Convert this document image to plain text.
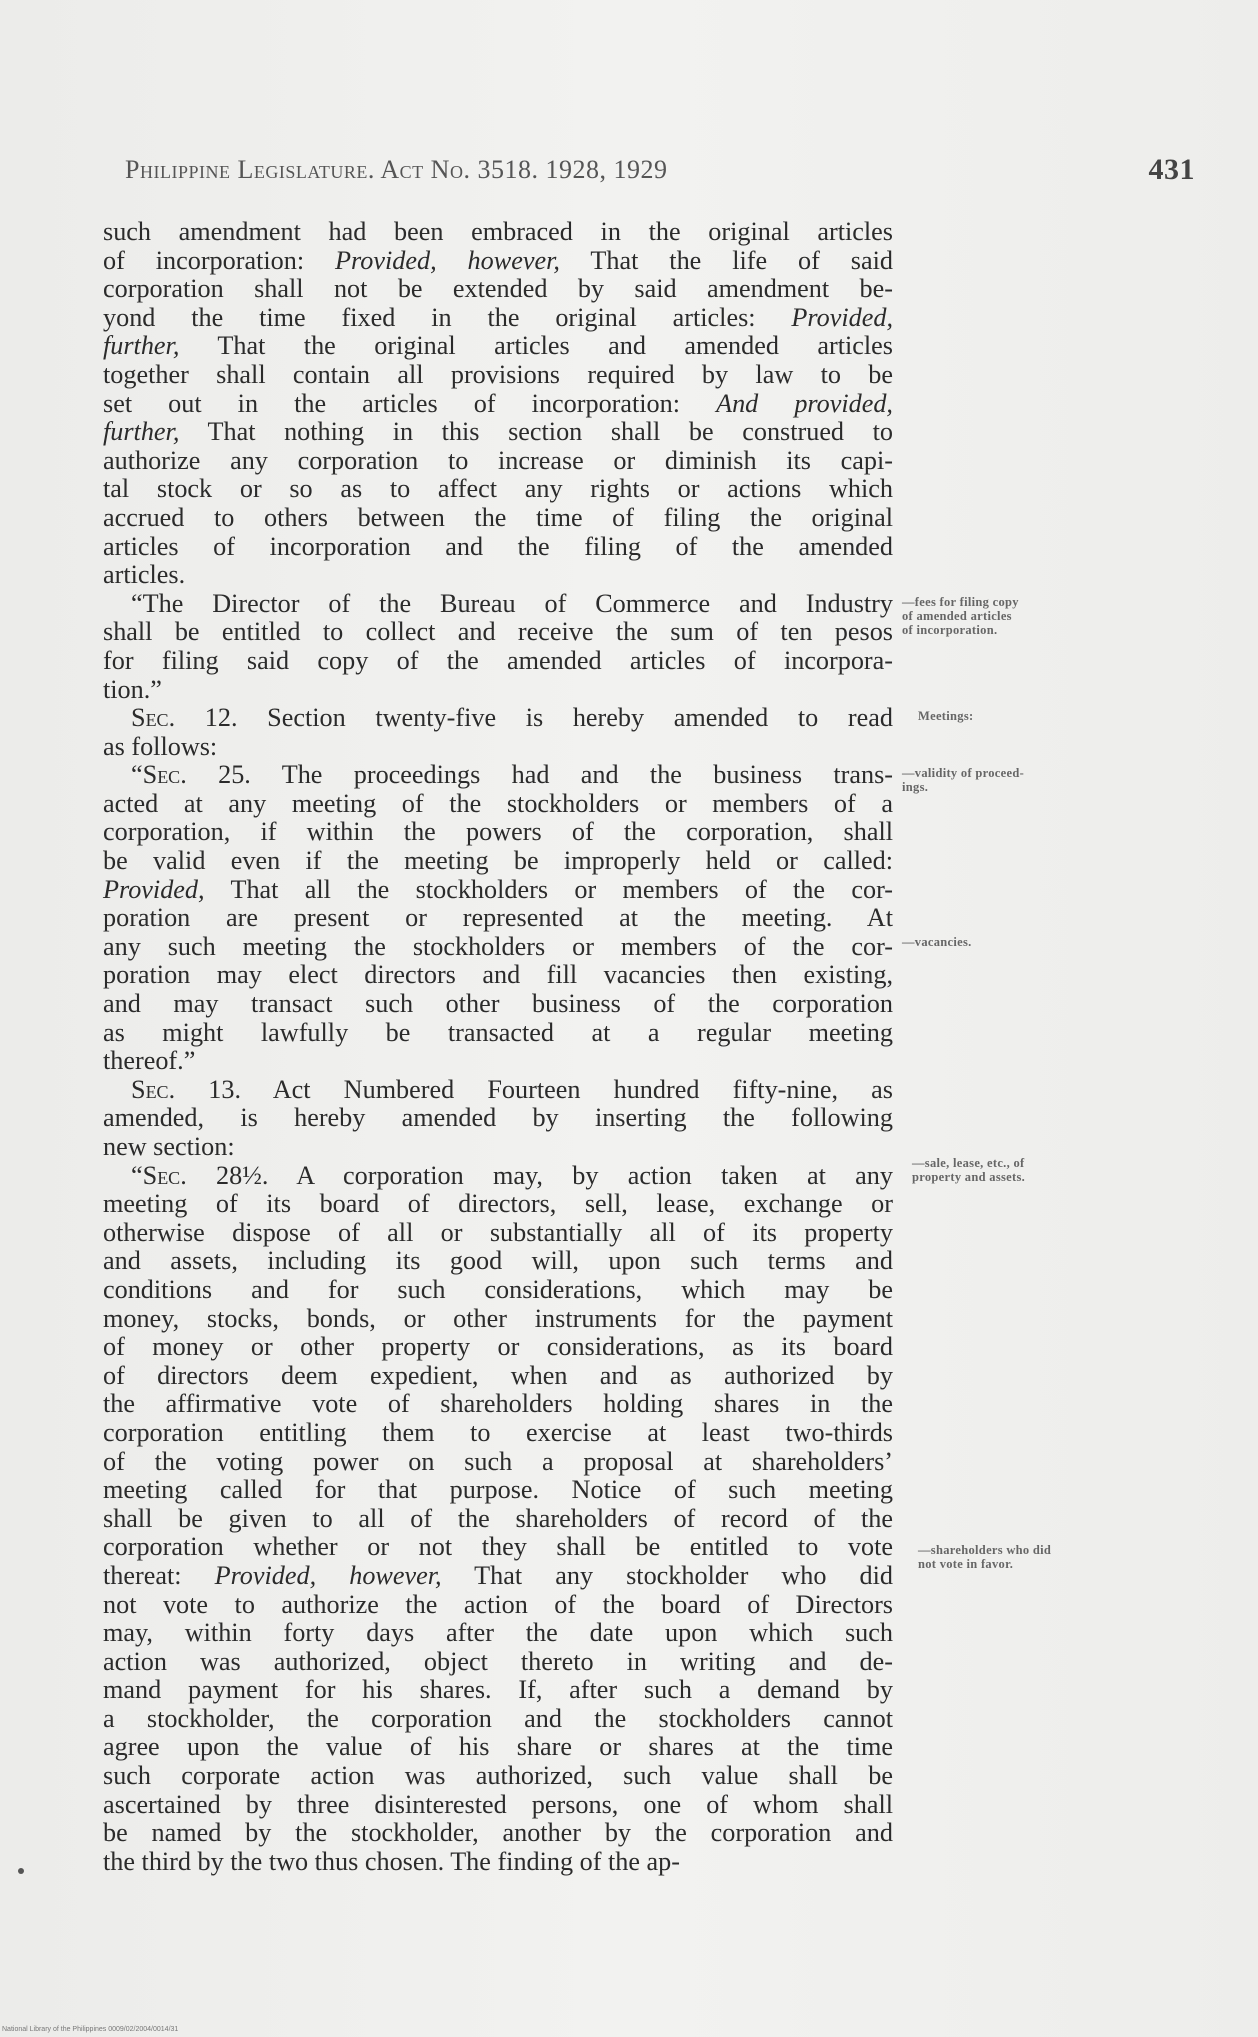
Philippine Legislature. Act No. 3518. 1928, 1929	431
such amendment had been embraced in the original articles
of incorporation: Provided, however, That the life of said
corporation shall not be extended by said amendment be-
yond the time fixed in the original articles: Provided,
further, That the original articles and amended articles
together shall contain all provisions required by law to be
set out in the articles of incorporation: And provided,
further, That nothing in this section shall be construed to
authorize any corporation to increase or diminish its capi-
tal stock or so as to affect any rights or actions which
accrued to others between the time of filing the original
articles of incorporation and the filing of the amended
articles.
“The Director of the Bureau of Commerce and Industry
shall be entitled to collect and receive the sum of ten pesos
for filing said copy of the amended articles of incorpora-
tion.”
Sec. 12. Section twenty-five is hereby amended to read
as follows:
“Sec. 25. The proceedings had and the business trans-
acted at any meeting of the stockholders or members of a
corporation, if within the powers of the corporation, shall
be valid even if the meeting be improperly held or called:
Provided, That all the stockholders or members of the cor-
poration are present or represented at the meeting. At
any such meeting the stockholders or members of the cor-
poration may elect directors and fill vacancies then existing,
and may transact such other business of the corporation
as might lawfully be transacted at a regular meeting
thereof.”
Sec. 13. Act Numbered Fourteen hundred fifty-nine, as
amended, is hereby amended by inserting the following
new section:
“Sec. 28½. A corporation may, by action taken at any
meeting of its board of directors, sell, lease, exchange or
otherwise dispose of all or substantially all of its property
and assets, including its good will, upon such terms and
conditions and for such considerations, which may be
money, stocks, bonds, or other instruments for the payment
of money or other property or considerations, as its board
of directors deem expedient, when and as authorized by
the affirmative vote of shareholders holding shares in the
corporation entitling them to exercise at least two-thirds
of the voting power on such a proposal at shareholders’
meeting called for that purpose. Notice of such meeting
shall be given to all of the shareholders of record of the
corporation whether or not they shall be entitled to vote
thereat: Provided, however, That any stockholder who did
not vote to authorize the action of the board of Directors
may, within forty days after the date upon which such
action was authorized, object thereto in writing and de-
mand payment for his shares. If, after such a demand by
a stockholder, the corporation and the stockholders cannot
agree upon the value of his share or shares at the time
such corporate action was authorized, such value shall be
ascertained by three disinterested persons, one of whom shall
be named by the stockholder, another by the corporation and
the third by the two thus chosen. The finding of the ap-
—fees for filing copy
of amended articles
of incorporation.
Meetings:
—validity of proceed-
ings.
—vacancies.
—sale, lease, etc., of
property and assets.
—shareholders who did
not vote in favor.
National Library of the Philippines 0009/02/2004/0014/31
